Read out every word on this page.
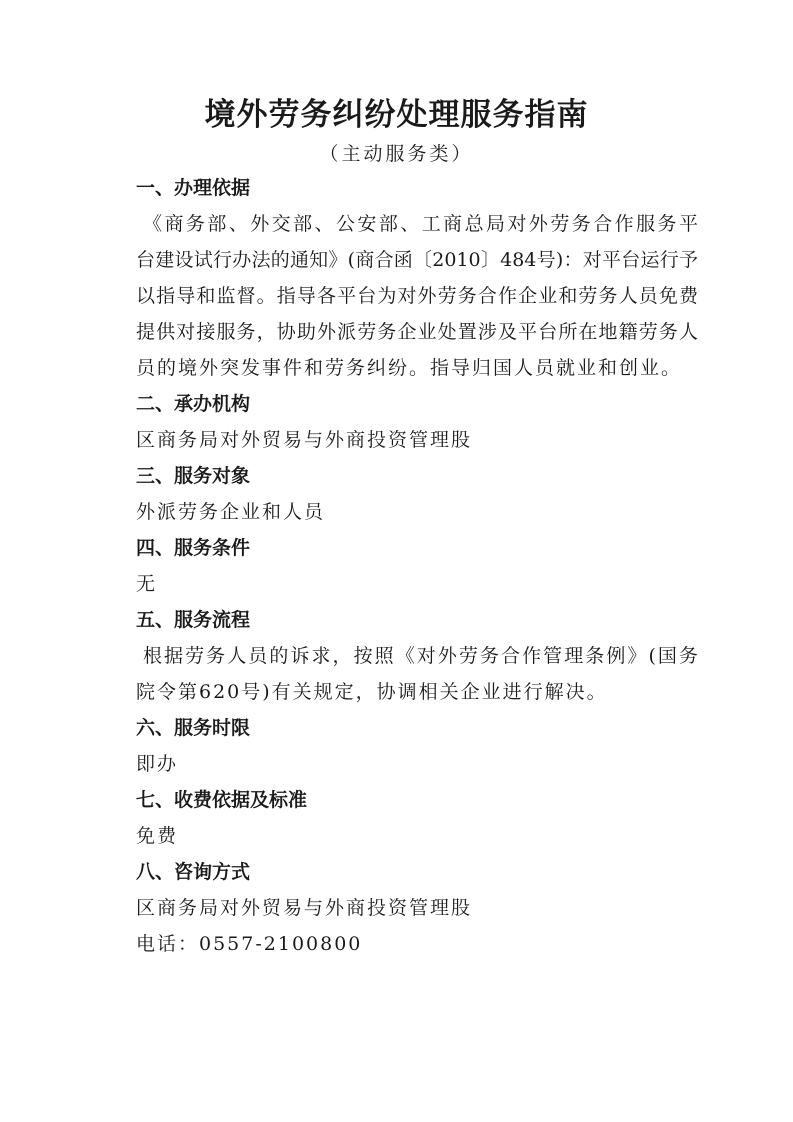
境外劳务纠纷处理服务指南
（主动服务类）
一、办理依据
《商务部、外交部、公安部、工商总局对外劳务合作服务平
台建设试行办法的通知》(商合函〔2010〕484号)：对平台运行予
以指导和监督。指导各平台为对外劳务合作企业和劳务人员免费
提供对接服务，协助外派劳务企业处置涉及平台所在地籍劳务人
员的境外突发事件和劳务纠纷。指导归国人员就业和创业。
二、承办机构
区商务局对外贸易与外商投资管理股
三、服务对象
外派劳务企业和人员
四、服务条件
无
五、服务流程
根据劳务人员的诉求，按照《对外劳务合作管理条例》(国务
院令第620号)有关规定，协调相关企业进行解决。
六、服务时限
即办
七、收费依据及标准
免费
八、咨询方式
区商务局对外贸易与外商投资管理股
电话：0557-2100800
